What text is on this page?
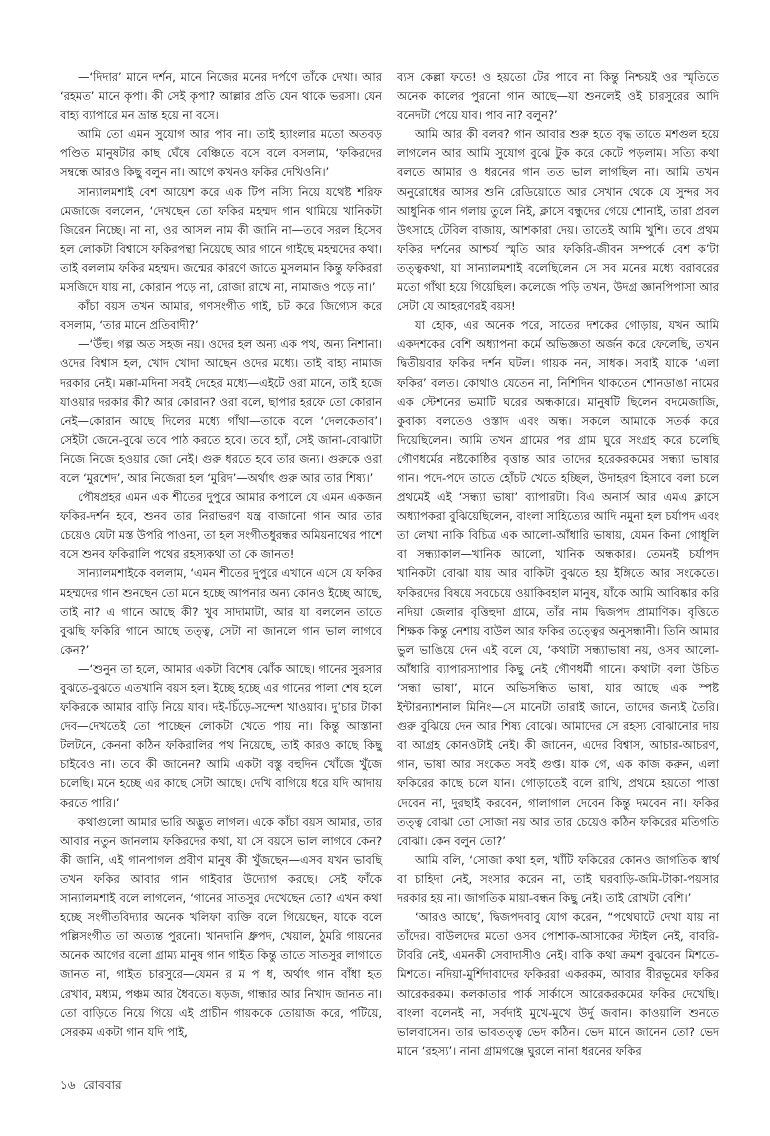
—‘দিদার’ মানে দর্শন, মানে নিজের মনের দর্পণে তাঁকে দেখা। আর ‘রহমত’ মানে কৃপা। কী সেই কৃপা? আল্লার প্রতি যেন থাকে ভরসা। যেন বাহ্য ব্যাপারে মন ভ্রান্ত হয়ে না বসে।

আমি তো এমন সুযোগ আর পাব না। তাই হ্যাংলার মতো অতবড় পণ্ডিত মানুষটার কাছ ঘেঁষে বেঞ্চিতে বসে বলে বসলাম, ‘ফকিরদের সম্বন্ধে আরও কিছু বলুন না। আগে কখনও ফকির দেখিওনি।’

সান্যালমশাই বেশ আয়েশ করে এক টিপ নস্যি নিয়ে যথেষ্ট শরিফ মেজাজে বললেন, ‘দেখছেন তো ফকির মহম্মদ গান থামিয়ে খানিকটা জিরেন নিচ্ছে। না না, ওর আসল নাম কী জানি না—তবে সরল হিসেব হল লোকটা বিশ্বাসে ফকিরপন্থা নিয়েছে আর গানে গাইছে মহম্মদের কথা। তাই বললাম ফকির মহম্মদ। জন্মের কারণে জাতে মুসলমান কিন্তু ফকিররা মসজিদে যায় না, কোরান পড়ে না, রোজা রাখে না, নামাজও পড়ে না।’

কাঁচা বয়স তখন আমার, গণসংগীত গাই, চট করে জিগ্যেস করে বসলাম, ‘তার মানে প্রতিবাদী?’

—‘উঁহু। গল্প অত সহজ নয়। ওদের হল অন্য এক পথ, অন্য নিশানা। ওদের বিশ্বাস হল, খোদ খোদা আছেন ওদের মধ্যে। তাই বাহ্য নামাজ দরকার নেই। মক্কা-মদিনা সবই দেহের মধ্যে—এইটে ওরা মানে, তাই হজে যাওয়ার দরকার কী? আর কোরান? ওরা বলে, ছাপার হরফে তো কোরান নেই—কোরান আছে দিলের মধ্যে গাঁথা—তাকে বলে ‘দেলকেতাব’। সেইটা জেনে-বুঝে তবে পাঠ করতে হবে। তবে হ্যাঁ, সেই জানা-বোঝাটা নিজে নিজে হওয়ার জো নেই। গুরু ধরতে হবে তার জন্য। গুরুকে ওরা বলে ‘মুরশেদ’, আর নিজেরা হল ‘মুরিদ’—অর্থাৎ গুরু আর তার শিষ্য।’

পৌষপ্রহর এমন এক শীতের দুপুরে আমার কপালে যে এমন একজন ফকির-দর্শন হবে, শুনব তার নিরাভরণ যন্ত্র বাজানো গান আর তার চেয়েও যেটা মস্ত উপরি পাওনা, তা হল সংগীতধুরন্ধর অমিয়নাথের পাশে বসে শুনব ফকিরালি পথের রহস্যকথা তা কে জানত!

সান্যালমশাইকে বললাম, ‘এমন শীতের দুপুরে এখানে এসে যে ফকির মহম্মদের গান শুনছেন তো মনে হচ্ছে আপনার অন্য কোনও ইচ্ছে আছে, তাই না? এ গানে আছে কী? খুব সাদামাটা, আর যা বললেন তাতে বুঝছি ফকিরি গানে আছে তত্ত্ব, সেটা না জানলে গান ভাল লাগবে কেন?’

—‘শুনুন তা হলে, আমার একটা বিশেষ ঝোঁক আছে। গানের সুরসার বুঝতে-বুঝতে এতখানি বয়স হল। ইচ্ছে হচ্ছে এর গানের পালা শেষ হলে ফকিরকে আমার বাড়ি নিয়ে যাব। দই-চিঁড়ে-সন্দেশ খাওয়াব। দু’চার টাকা দেব—দেখতেই তো পাচ্ছেন লোকটা খেতে পায় না। কিন্তু আস্তানা টলটনে, কেননা কঠিন ফকিরালির পথ নিয়েছে, তাই কারও কাছে কিছু চাইবেও না। তবে কী জানেন? আমি একটা বস্তু বহুদিন খোঁজে খুঁজে চলেছি। মনে হচ্ছে এর কাছে সেটা আছে। দেখি বাগিয়ে ধরে যদি আদায় করতে পারি।’

কথাগুলো আমার ভারি অদ্ভুত লাগল। একে কাঁচা বয়স আমার, তার আবার নতুন জানলাম ফকিরদের কথা, যা সে বয়সে ভাল লাগবে কেন? কী জানি, এই গানপাগল প্রবীণ মানুষ কী খুঁজছেন—এসব যখন ভাবছি তখন ফকির আবার গান গাইবার উদ্যোগ করছে। সেই ফাঁকে সান্যালমশাই বলে লাগলেন, ‘গানের সাতসুর দেখেছেন তো? এখন কথা হচ্ছে সংগীতবিদ্যার অনেক খলিফা ব্যক্তি বলে গিয়েছেন, যাকে বলে পল্লিসংগীত তা অত্যন্ত পুরনো। খানদানি ধ্রুপদ, খেয়াল, ঠুমরি গায়নের অনেক আগের বলো গ্রাম্য মানুষ গান গাইত কিন্তু তাতে সাতসুর লাগাতে জানত না, গাইত চারসুরে—যেমন র ম প ধ, অর্থাৎ গান বাঁধা হত রেখাব, মধ্যম, পঞ্চম আর ধৈবতে। ষড়জ, গান্ধার আর নিখাদ জানত না। তো বাড়িতে নিয়ে গিয়ে এই প্রাচীন গায়ককে তোয়াজ করে, পটিয়ে, সেরকম একটা গান যদি পাই,

ব্যস কেল্লা ফতে! ও হয়তো টের পাবে না কিন্তু নিশ্চয়ই ওর স্মৃতিতে অনেক কালের পুরনো গান আছে—যা শুনলেই ওই চারসুরের আদি বনেদটা পেয়ে যাব। পাব না? বলুন?’

আমি আর কী বলব? গান আবার শুরু হতে বৃদ্ধ তাতে মশগুল হয়ে লাগলেন আর আমি সুযোগ বুঝে টুক করে কেটে পড়লাম। সত্যি কথা বলতে আমার ও ধরনের গান তত ভাল লাগছিল না। আমি তখন অনুরোধের আসর শুনি রেডিয়োতে আর সেখান থেকে যে সুন্দর সব আধুনিক গান গলায় তুলে নিই, ক্লাসে বন্ধুদের গেয়ে শোনাই, তারা প্রবল উৎসাহে টেবিল বাজায়, আশকারা দেয়। তাতেই আমি খুশি। তবে প্রথম ফকির দর্শনের আশ্চর্য স্মৃতি আর ফকিরি-জীবন সম্পর্কে বেশ ক’টা তত্ত্বকথা, যা সান্যালমশাই বলেছিলেন সে সব মনের মধ্যে বরাবরের মতো গাঁথা হয়ে গিয়েছিল। কলেজে পড়ি তখন, উদগ্র জ্ঞানপিপাসা আর সেটা যে আহরণেরই বয়স!

যা হোক, এর অনেক পরে, সাতের দশকের গোড়ায়, যখন আমি একদশকের বেশি অধ্যাপনা কর্মে অভিজ্ঞতা অর্জন করে ফেলেছি, তখন দ্বিতীয়বার ফকির দর্শন ঘটল। গায়ক নন, সাধক। সবাই যাকে ‘এলা ফকির’ বলত। কোথাও যেতেন না, নিশিদিন থাকতেন শোনডাঙা নামের এক স্টেশনের ভমাটি ঘরের অন্ধকারে। মানুষটি ছিলেন বদমেজাজি, কুবাক্য বলতেও ওস্তাদ এবং অন্ধ। সকলে আমাকে সতর্ক করে দিয়েছিলেন। আমি তখন গ্রামের পর গ্রাম ঘুরে সংগ্রহ করে চলেছি গৌণধর্মের নষ্টকোষ্ঠির বৃত্তান্ত আর তাদের হরেকরকমের সন্ধ্যা ভাষার গান। পদে-পদে তাতে হোঁচট খেতে হচ্ছিল, উদাহরণ হিসাবে বলা চলে প্রথমেই এই ‘সন্ধ্যা ভাষা’ ব্যাপারটা। বিএ অনার্স আর এমএ ক্লাসে অধ্যাপকরা বুঝিয়েছিলেন, বাংলা সাহিত্যের আদি নমুনা হল চর্যাপদ এবং তা লেখা নাকি বিচিত্র এক আলো-আঁধারি ভাষায়, যেমন কিনা গোধূলি বা সন্ধ্যাকাল—খানিক আলো, খানিক অন্ধকার। তেমনই চর্যাপদ খানিকটা বোঝা যায় আর বাকিটা বুঝতে হয় ইঙ্গিতে আর সংকেতে। ফকিরদের বিষয়ে সবচেয়ে ওয়াকিবহাল মানুষ, যাঁকে আমি আবিষ্কার করি নদিয়া জেলার বৃত্তিহুদা গ্রামে, তাঁর নাম দ্বিজপদ প্রামাণিক। বৃত্তিতে শিক্ষক কিন্তু নেশায় বাউল আর ফকির তত্ত্বের অনুসন্ধানী। তিনি আমার ভুল ভাঙিয়ে দেন এই বলে যে, ‘কথাটা সন্ধ্যাভাষা নয়, ওসব আলো-আঁধারি ব্যাপারস্যাপার কিছু নেই গৌণধর্মী গানে। কথাটা বলা উচিত ‘সন্ধা ভাষা’, মানে অভিসন্ধিত ভাষা, যার আছে এক স্পষ্ট ইন্টারন্যাশনাল মিনিং—সে মানেটা তারাই জানে, তাদের জন্যই তৈরি। গুরু বুঝিয়ে দেন আর শিষ্য বোঝে। আমাদের সে রহস্য বোঝানোর দায় বা আগ্রহ কোনওটাই নেই। কী জানেন, এদের বিশ্বাস, আচার-আচরণ, গান, ভাষা আর সংকেত সবই গুপ্ত। যাক গে, এক কাজ করুন, এলা ফকিরের কাছে চলে যান। গোড়াতেই বলে রাখি, প্রথমে হয়তো পাত্তা দেবেন না, দুরছাই করবেন, গালাগাল দেবেন কিন্তু দমবেন না। ফকির তত্ত্ব বোঝা তো সোজা নয় আর তার চেয়েও কঠিন ফকিরের মতিগতি বোঝা। কেন বলুন তো?’

আমি বলি, ‘সোজা কথা হল, খাঁটি ফকিরের কোনও জাগতিক স্বার্থ বা চাহিদা নেই, সংসার করেন না, তাই ঘরবাড়ি-জমি-টাকা-পয়সার দরকার হয় না। জাগতিক মায়া-বন্ধন কিছু নেই। তাই রোখটা বেশি।’

‘আরও আছে’, দ্বিজপদবাবু যোগ করেন, “পথেঘাটে দেখা যায় না তাঁদের। বাউলদের মতো ওসব পোশাক-আসাকের স্টাইল নেই, বাবরি-টাবরি নেই, এমনকী সেবাদাসীও নেই। বাকি কথা ক্রমশ বুঝবেন মিশতে-মিশতে। নদিয়া-মুর্শিদাবাদের ফকিররা একরকম, আবার বীরভূমের ফকির আরেকরকম। কলকাতার পার্ক সার্কাসে আরেকরকমের ফকির দেখেছি। বাংলা বলেনই না, সর্বদাই মুখে-মুখে উর্দু জবান। কাওয়ালি শুনতে ভালবাসেন। তার ভাবতত্ত্ব ভেদ কঠিন। ভেদ মানে জানেন তো? ভেদ মানে ‘রহস্য’। নানা গ্রামগঞ্জে ঘুরলে নানা ধরনের ফকির

১৬  রোববার
